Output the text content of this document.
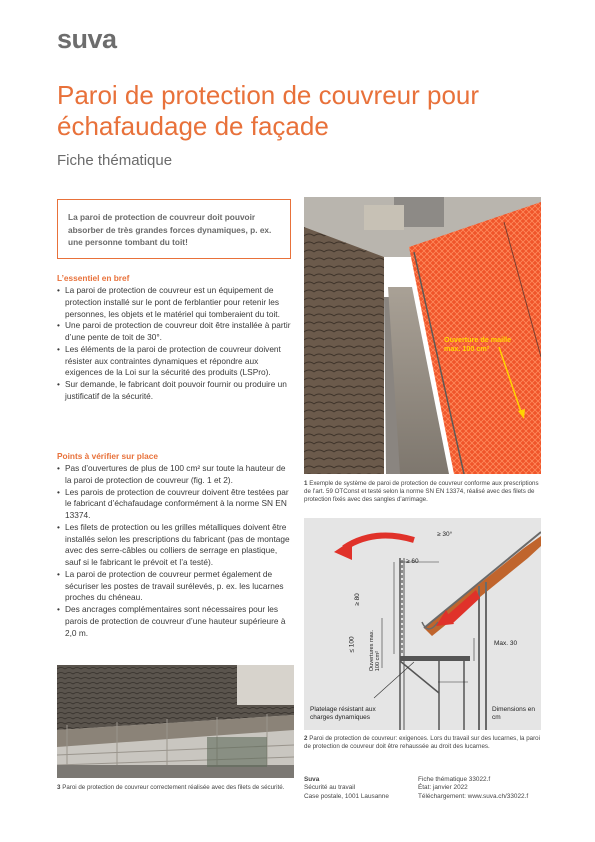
suva
Paroi de protection de couvreur pour échafaudage de façade
Fiche thématique
La paroi de protection de couvreur doit pouvoir absorber de très grandes forces dynamiques, p. ex. une personne tombant du toit!
L’essentiel en bref
• La paroi de protection de couvreur est un équipement de protection installé sur le pont de ferblantier pour retenir les personnes, les objets et le matériel qui tomberaient du toit.
• Une paroi de protection de couvreur doit être installée à partir d’une pente de toit de 30°.
• Les éléments de la paroi de protection de couvreur doivent résister aux contraintes dynamiques et répondre aux exigences de la Loi sur la sécurité des produits (LSPro).
• Sur demande, le fabricant doit pouvoir fournir ou produire un justificatif de la sécurité.
Points à vérifier sur place
• Pas d’ouvertures de plus de 100 cm² sur toute la hauteur de la paroi de protection de couvreur (fig. 1 et 2).
• Les parois de protection de couvreur doivent être testées par le fabricant d’échafaudage conformément à la norme SN EN 13374.
• Les filets de protection ou les grilles métalliques doivent être installés selon les prescriptions du fabricant (pas de montage avec des serre-câbles ou colliers de serrage en plastique, sauf si le fabricant le prévoit et l’a testé).
• La paroi de protection de couvreur permet également de sécuriser les postes de travail surélevés, p. ex. les lucarnes proches du chéneau.
• Des ancrages complémentaires sont nécessaires pour les parois de protection de couvreur d’une hauteur supérieure à 2,0 m.
Ouverture de maille max. 100 cm²
1 Exemple de système de paroi de protection de couvreur conforme aux prescriptions de l’art. 59 OTConst et testé selon la norme SN EN 13374, réalisé avec des filets de protection fixés avec des sangles d’arrimage.
≥ 30°
≥ 60
≥ 80
≤ 100 Ouvertures max. 100 cm²
Max. 30
Platelage résistant aux charges dynamiques
Dimensions en cm
2 Paroi de protection de couvreur: exigences. Lors du travail sur des lucarnes, la paroi de protection de couvreur doit être rehaussée au droit des lucarnes.
3 Paroi de protection de couvreur correctement réalisée avec des filets de sécurité.
Suva
Sécurité au travail
Case postale, 1001 Lausanne
Fiche thématique 33022.f
État: janvier 2022
Téléchargement: www.suva.ch/33022.f
